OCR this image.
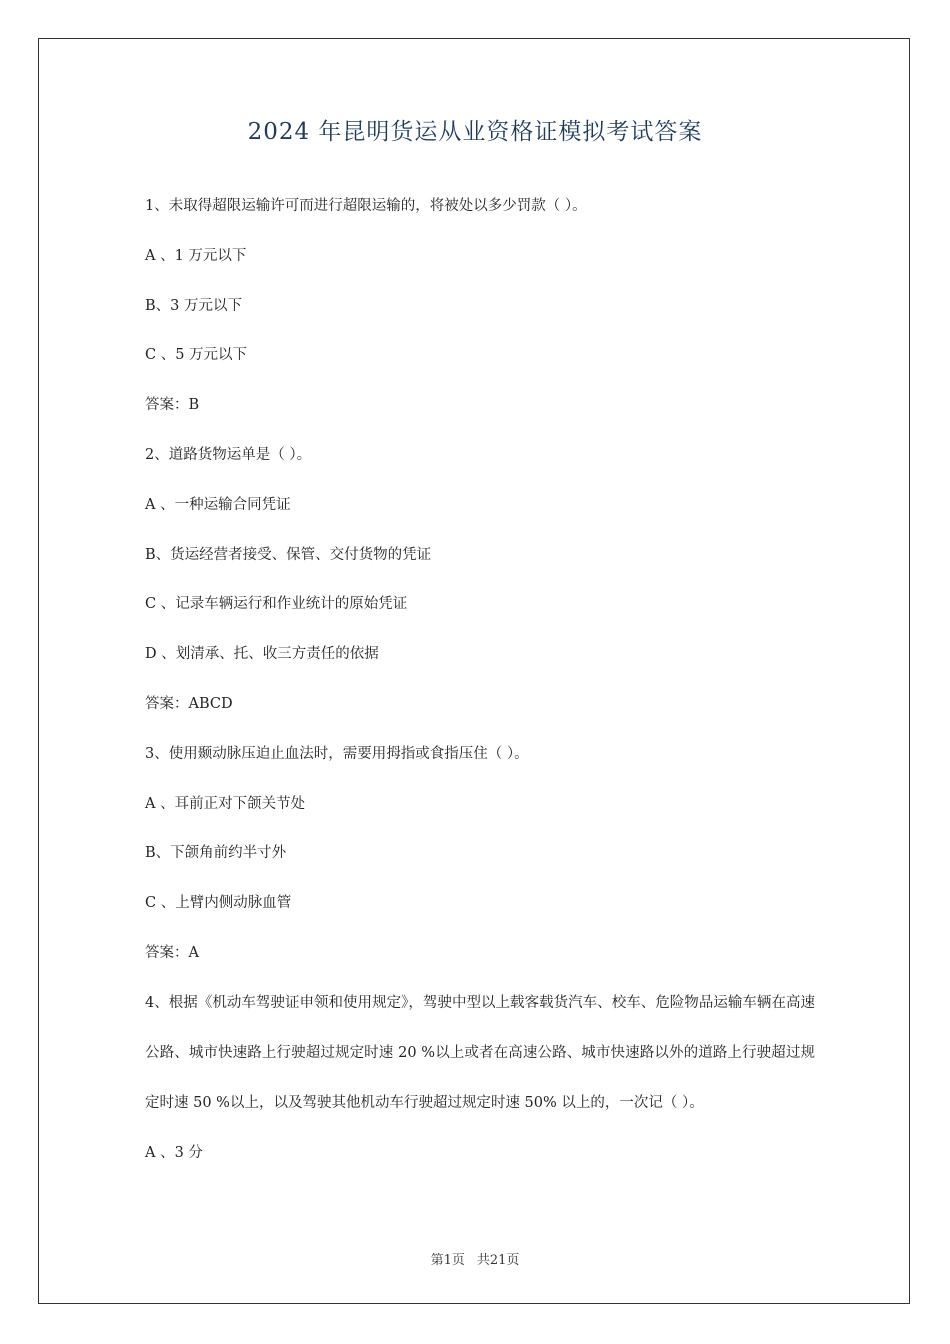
2024 年昆明货运从业资格证模拟考试答案

1、未取得超限运输许可而进行超限运输的，将被处以多少罚款（ ）。

A 、1 万元以下

B、3 万元以下

C 、5 万元以下

答案：B

2、道路货物运单是（ ）。

A 、一种运输合同凭证

B、货运经营者接受、保管、交付货物的凭证

C 、记录车辆运行和作业统计的原始凭证

D 、划清承、托、收三方责任的依据

答案：ABCD

3、使用颞动脉压迫止血法时，需要用拇指或食指压住（ ）。

A 、耳前正对下颌关节处

B、下颌角前约半寸外

C 、上臂内侧动脉血管

答案：A

4、根据《机动车驾驶证申领和使用规定》，驾驶中型以上载客载货汽车、校车、危险物品运输车辆在高速公路、城市快速路上行驶超过规定时速 20 %以上或者在高速公路、城市快速路以外的道路上行驶超过规定时速 50 %以上，以及驾驶其他机动车行驶超过规定时速 50% 以上的，一次记（ ）。

A 、3 分

第1页 共21页
